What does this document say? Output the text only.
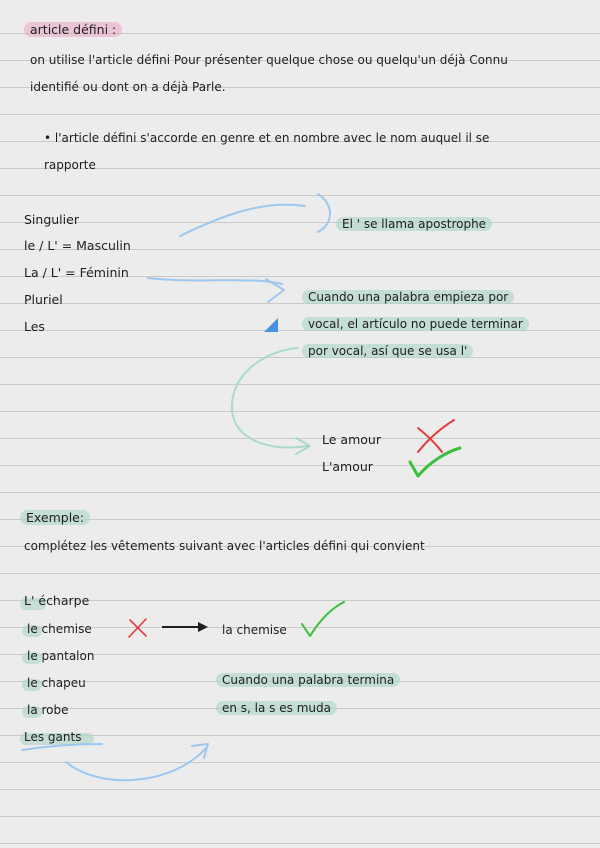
article défini :
on utilise l'article défini Pour présenter quelque chose ou quelqu'un déjà Connu
identifié ou dont on a déjà Parle.
• l'article défini s'accorde en genre et en nombre avec le nom auquel il se
rapporte
Singulier
le / L' = Masculin
La / L' = Féminin
Pluriel
Les
El ' se llama apostrophe
Cuando una palabra empieza por
vocal, el artículo no puede terminar
por vocal, así que se usa l'
Le amour
L'amour
Exemple:
complétez les vêtements suivant avec l'articles défini qui convient
L' écharpe
le chemise
le pantalon
le chapeu
la robe
Les gants
la chemise
Cuando una palabra termina
en s, la s es muda
